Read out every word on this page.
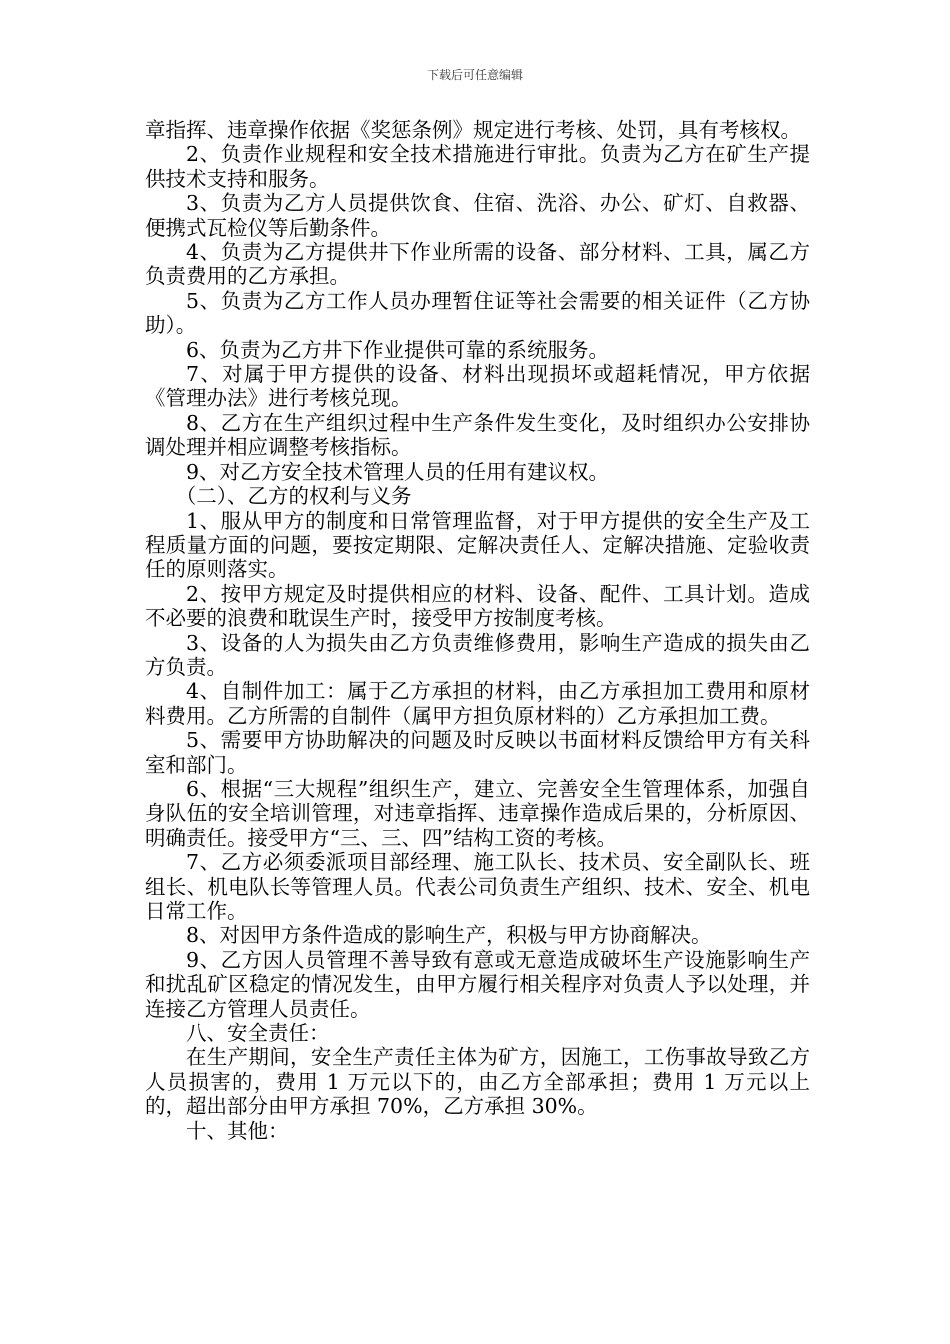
下载后可任意编辑

章指挥、违章操作依据《奖惩条例》规定进行考核、处罚，具有考核权。

2、负责作业规程和安全技术措施进行审批。负责为乙方在矿生产提供技术支持和服务。

3、负责为乙方人员提供饮食、住宿、洗浴、办公、矿灯、自救器、便携式瓦检仪等后勤条件。

4、负责为乙方提供井下作业所需的设备、部分材料、工具，属乙方负责费用的乙方承担。

5、负责为乙方工作人员办理暂住证等社会需要的相关证件（乙方协助）。

6、负责为乙方井下作业提供可靠的系统服务。

7、对属于甲方提供的设备、材料出现损坏或超耗情况，甲方依据《管理办法》进行考核兑现。

8、乙方在生产组织过程中生产条件发生变化，及时组织办公安排协调处理并相应调整考核指标。

9、对乙方安全技术管理人员的任用有建议权。

（二）、乙方的权利与义务

1、服从甲方的制度和日常管理监督，对于甲方提供的安全生产及工程质量方面的问题，要按定期限、定解决责任人、定解决措施、定验收责任的原则落实。

2、按甲方规定及时提供相应的材料、设备、配件、工具计划。造成不必要的浪费和耽误生产时，接受甲方按制度考核。

3、设备的人为损失由乙方负责维修费用，影响生产造成的损失由乙方负责。

4、自制件加工：属于乙方承担的材料，由乙方承担加工费用和原材料费用。乙方所需的自制件（属甲方担负原材料的）乙方承担加工费。

5、需要甲方协助解决的问题及时反映以书面材料反馈给甲方有关科室和部门。

6、根据“三大规程”组织生产，建立、完善安全生管理体系，加强自身队伍的安全培训管理，对违章指挥、违章操作造成后果的，分析原因、明确责任。接受甲方“三、三、四”结构工资的考核。

7、乙方必须委派项目部经理、施工队长、技术员、安全副队长、班组长、机电队长等管理人员。代表公司负责生产组织、技术、安全、机电日常工作。

8、对因甲方条件造成的影响生产，积极与甲方协商解决。

9、乙方因人员管理不善导致有意或无意造成破坏生产设施影响生产和扰乱矿区稳定的情况发生，由甲方履行相关程序对负责人予以处理，并连接乙方管理人员责任。

八、安全责任：

在生产期间，安全生产责任主体为矿方，因施工，工伤事故导致乙方人员损害的，费用 1 万元以下的，由乙方全部承担；费用 1 万元以上的，超出部分由甲方承担 70%，乙方承担 30%。

十、其他：
